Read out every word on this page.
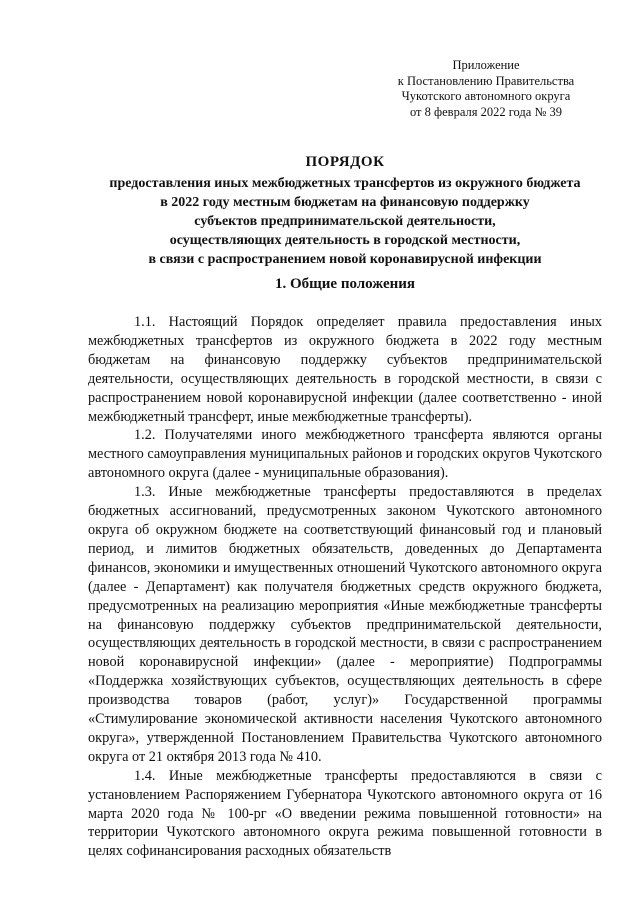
Приложение
к Постановлению Правительства
Чукотского автономного округа
от 8 февраля 2022 года № 39
ПОРЯДОК
предоставления иных межбюджетных трансфертов из окружного бюджета
в 2022 году местным бюджетам на финансовую поддержку
субъектов предпринимательской деятельности,
осуществляющих деятельность в городской местности,
в связи с распространением новой коронавирусной инфекции
1. Общие положения

1.1. Настоящий Порядок определяет правила предоставления иных межбюджетных трансфертов из окружного бюджета в 2022 году местным бюджетам на финансовую поддержку субъектов предпринимательской деятельности, осуществляющих деятельность в городской местности, в связи с распространением новой коронавирусной инфекции (далее соответственно - иной межбюджетный трансферт, иные межбюджетные трансферты).

1.2. Получателями иного межбюджетного трансферта являются органы местного самоуправления муниципальных районов и городских округов Чукотского автономного округа (далее - муниципальные образования).

1.3. Иные межбюджетные трансферты предоставляются в пределах бюджетных ассигнований, предусмотренных законом Чукотского автономного округа об окружном бюджете на соответствующий финансовый год и плановый период, и лимитов бюджетных обязательств, доведенных до Департамента финансов, экономики и имущественных отношений Чукотского автономного округа (далее - Департамент) как получателя бюджетных средств окружного бюджета, предусмотренных на реализацию мероприятия «Иные межбюджетные трансферты на финансовую поддержку субъектов предпринимательской деятельности, осуществляющих деятельность в городской местности, в связи с распространением новой коронавирусной инфекции» (далее - мероприятие) Подпрограммы «Поддержка хозяйствующих субъектов, осуществляющих деятельность в сфере производства товаров (работ, услуг)» Государственной программы «Стимулирование экономической активности населения Чукотского автономного округа», утвержденной Постановлением Правительства Чукотского автономного округа от 21 октября 2013 года № 410.

1.4. Иные межбюджетные трансферты предоставляются в связи с установлением Распоряжением Губернатора Чукотского автономного округа от 16 марта 2020 года № 100-рг «О введении режима повышенной готовности» на территории Чукотского автономного округа режима повышенной готовности в целях софинансирования расходных обязательств
